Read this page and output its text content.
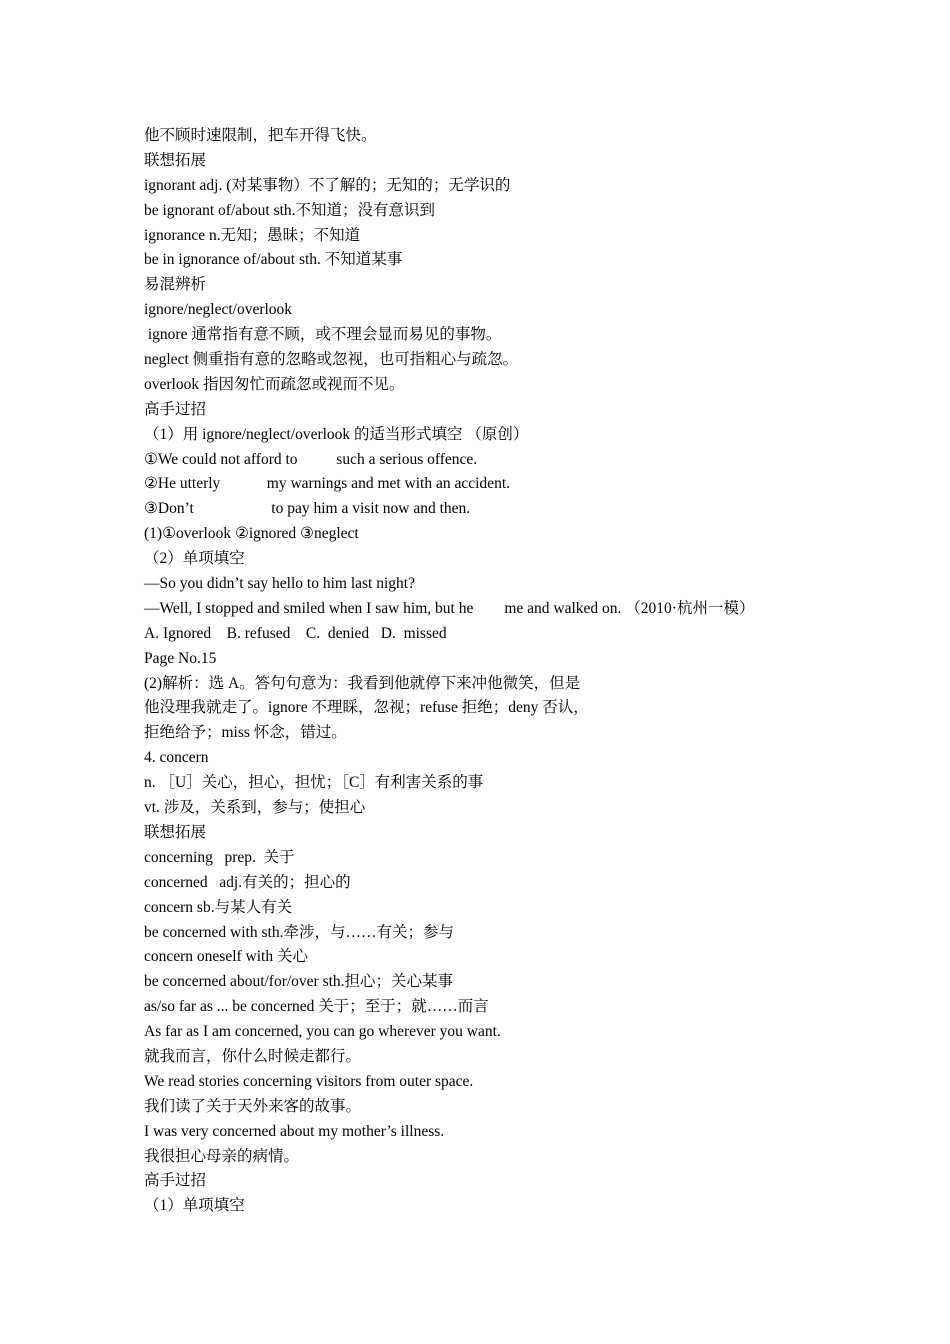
他不顾时速限制，把车开得飞快。
联想拓展
ignorant adj. (对某事物）不了解的；无知的；无学识的
be ignorant of/about sth.不知道；没有意识到
ignorance n.无知；愚昧；不知道
be in ignorance of/about sth. 不知道某事
易混辨析
ignore/neglect/overlook
ignore 通常指有意不顾，或不理会显而易见的事物。
neglect 侧重指有意的忽略或忽视，也可指粗心与疏忽。
overlook 指因匆忙而疏忽或视而不见。
高手过招
（1）用 ignore/neglect/overlook 的适当形式填空 （原创）
①We could not afford to          such a serious offence.
②He utterly            my warnings and met with an accident.
③Don’t                    to pay him a visit now and then.
(1)①overlook ②ignored ③neglect
（2）单项填空
—So you didn’t say hello to him last night?
—Well, I stopped and smiled when I saw him, but he        me and walked on. （2010·杭州一模）
A. Ignored    B. refused    C.  denied   D.  missed
Page No.15
(2)解析：选 A。答句句意为：我看到他就停下来冲他微笑，但是
他没理我就走了。ignore 不理睬，忽视；refuse 拒绝；deny 否认，
拒绝给予；miss 怀念，错过。
4. concern
n. ［U］关心，担心，担忧；［C］有利害关系的事
vt. 涉及，关系到，参与；使担心
联想拓展
concerning   prep.  关于
concerned   adj.有关的；担心的
concern sb.与某人有关
be concerned with sth.牵涉，与……有关；参与
concern oneself with 关心
be concerned about/for/over sth.担心；关心某事
as/so far as ... be concerned 关于；至于；就……而言
As far as I am concerned, you can go wherever you want.
就我而言，你什么时候走都行。
We read stories concerning visitors from outer space.
我们读了关于天外来客的故事。
I was very concerned about my mother’s illness.
我很担心母亲的病情。
高手过招
（1）单项填空
